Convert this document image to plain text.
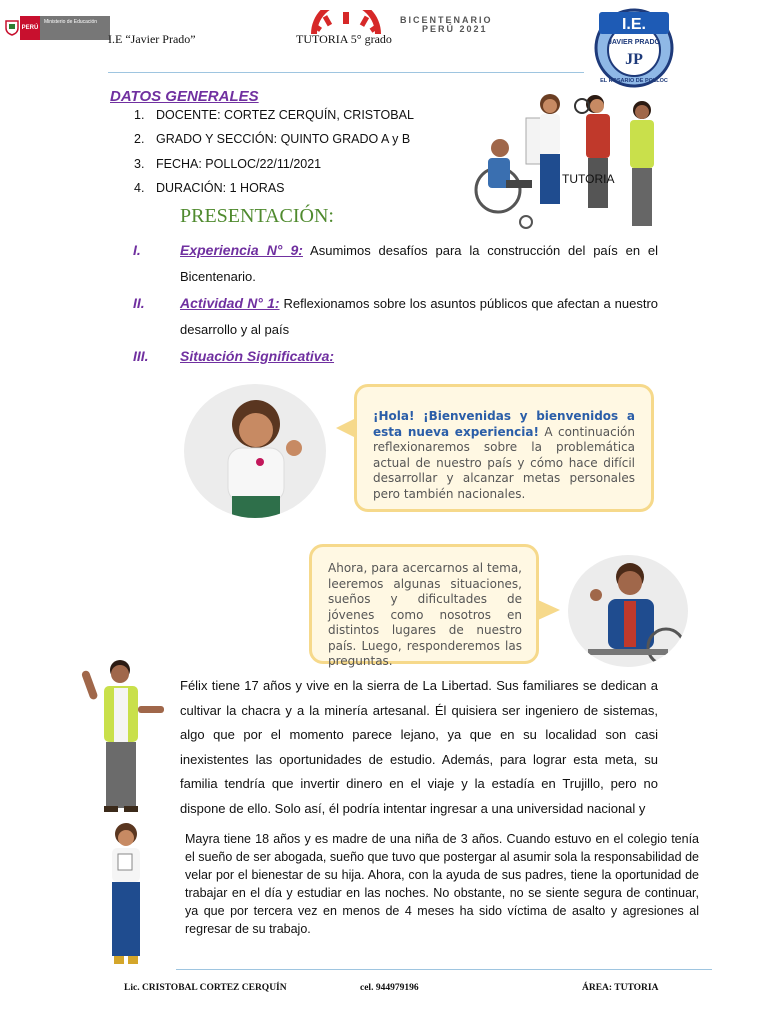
PERÚ
Ministerio de Educación
I.E “Javier Prado”
BICENTENARIO
PERÚ 2021
TUTORIA 5° grado
I.E.
JAVIER PRADO
JP
EL ROSARIO DE POLLOC
DATOS GENERALES
1. DOCENTE: CORTEZ CERQUÍN, CRISTOBAL
2. GRADO Y SECCIÓN: QUINTO GRADO A y B
3. FECHA: POLLOC/22/11/2021
4. DURACIÓN: 1 HORAS
PRESENTACIÓN:
TUTORIA
I.	Experiencia N° 9: Asumimos desafíos para la construcción del país en el Bicentenario.
II.	Actividad N° 1: Reflexionamos sobre los asuntos públicos que afectan a nuestro desarrollo y al país
III. Situación Significativa:
¡Hola! ¡Bienvenidas y bienvenidos a esta nueva experiencia! A continuación reflexionaremos sobre la problemática actual de nuestro país y cómo hace difícil desarrollar y alcanzar metas personales pero también nacionales.
Ahora, para acercarnos al tema, leeremos algunas situaciones, sueños y dificultades de jóvenes como nosotros en distintos lugares de nuestro país. Luego, responderemos las preguntas.
Félix tiene 17 años y vive en la sierra de La Libertad. Sus familiares se dedican a cultivar la chacra y a la minería artesanal. Él quisiera ser ingeniero de sistemas, algo que por el momento parece lejano, ya que en su localidad son casi inexistentes las oportunidades de estudio. Además, para lograr esta meta, su familia tendría que invertir dinero en el viaje y la estadía en Trujillo, pero no dispone de ello. Solo así, él podría intentar ingresar a una universidad nacional y
Mayra tiene 18 años y es madre de una niña de 3 años. Cuando estuvo en el colegio tenía el sueño de ser abogada, sueño que tuvo que postergar al asumir sola la responsabilidad de velar por el bienestar de su hija. Ahora, con la ayuda de sus padres, tiene la oportunidad de trabajar en el día y estudiar en las noches. No obstante, no se siente segura de continuar, ya que por tercera vez en menos de 4 meses ha sido víctima de asalto y agresiones al regresar de su trabajo.
Lic. CRISTOBAL CORTEZ CERQUÍN	cel. 944979196	ÁREA: TUTORIA
